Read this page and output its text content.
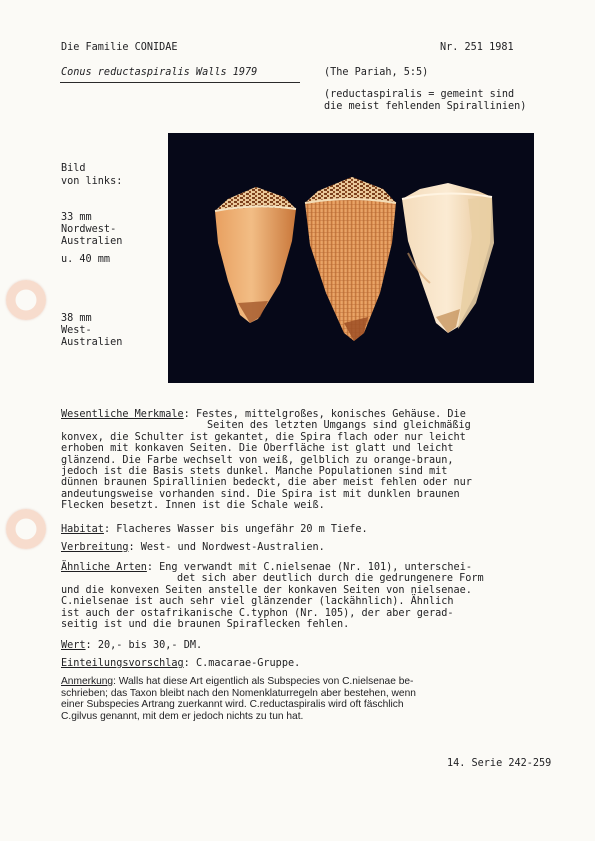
Die Familie CONIDAE	Nr. 251 1981
Conus reductaspiralis Walls 1979	(The Pariah, 5:5)
(reductaspiralis = gemeint sind
die meist fehlenden Spirallinien)
Bild
von links:
33 mm
Nordwest-
Australien
u. 40 mm
38 mm
West-
Australien
Wesentliche Merkmale: Festes, mittelgroßes, konisches Gehäuse. Die
Seiten des letzten Umgangs sind gleichmäßig
konvex, die Schulter ist gekantet, die Spira flach oder nur leicht
erhoben mit konkaven Seiten. Die Oberfläche ist glatt und leicht
glänzend. Die Farbe wechselt von weiß, gelblich zu orange-braun,
jedoch ist die Basis stets dunkel. Manche Populationen sind mit
dünnen braunen Spirallinien bedeckt, die aber meist fehlen oder nur
andeutungsweise vorhanden sind. Die Spira ist mit dunklen braunen
Flecken besetzt. Innen ist die Schale weiß.
Habitat: Flacheres Wasser bis ungefähr 20 m Tiefe.
Verbreitung: West- und Nordwest-Australien.
Ähnliche Arten: Eng verwandt mit C.nielsenae (Nr. 101), unterschei-
det sich aber deutlich durch die gedrungenere Form
und die konvexen Seiten anstelle der konkaven Seiten von nielsenae.
C.nielsenae ist auch sehr viel glänzender (lackähnlich). Ähnlich
ist auch der ostafrikanische C.typhon (Nr. 105), der aber gerad-
seitig ist und die braunen Spiraflecken fehlen.
Wert: 20,- bis 30,- DM.
Einteilungsvorschlag: C.macarae-Gruppe.
Anmerkung: Walls hat diese Art eigentlich als Subspecies von C.nielsenae be-
schrieben; das Taxon bleibt nach den Nomenklaturregeln aber bestehen, wenn
einer Subspecies Artrang zuerkannt wird. C.reductaspiralis wird oft fäschlich
C.gilvus genannt, mit dem er jedoch nichts zu tun hat.
14. Serie 242-259
